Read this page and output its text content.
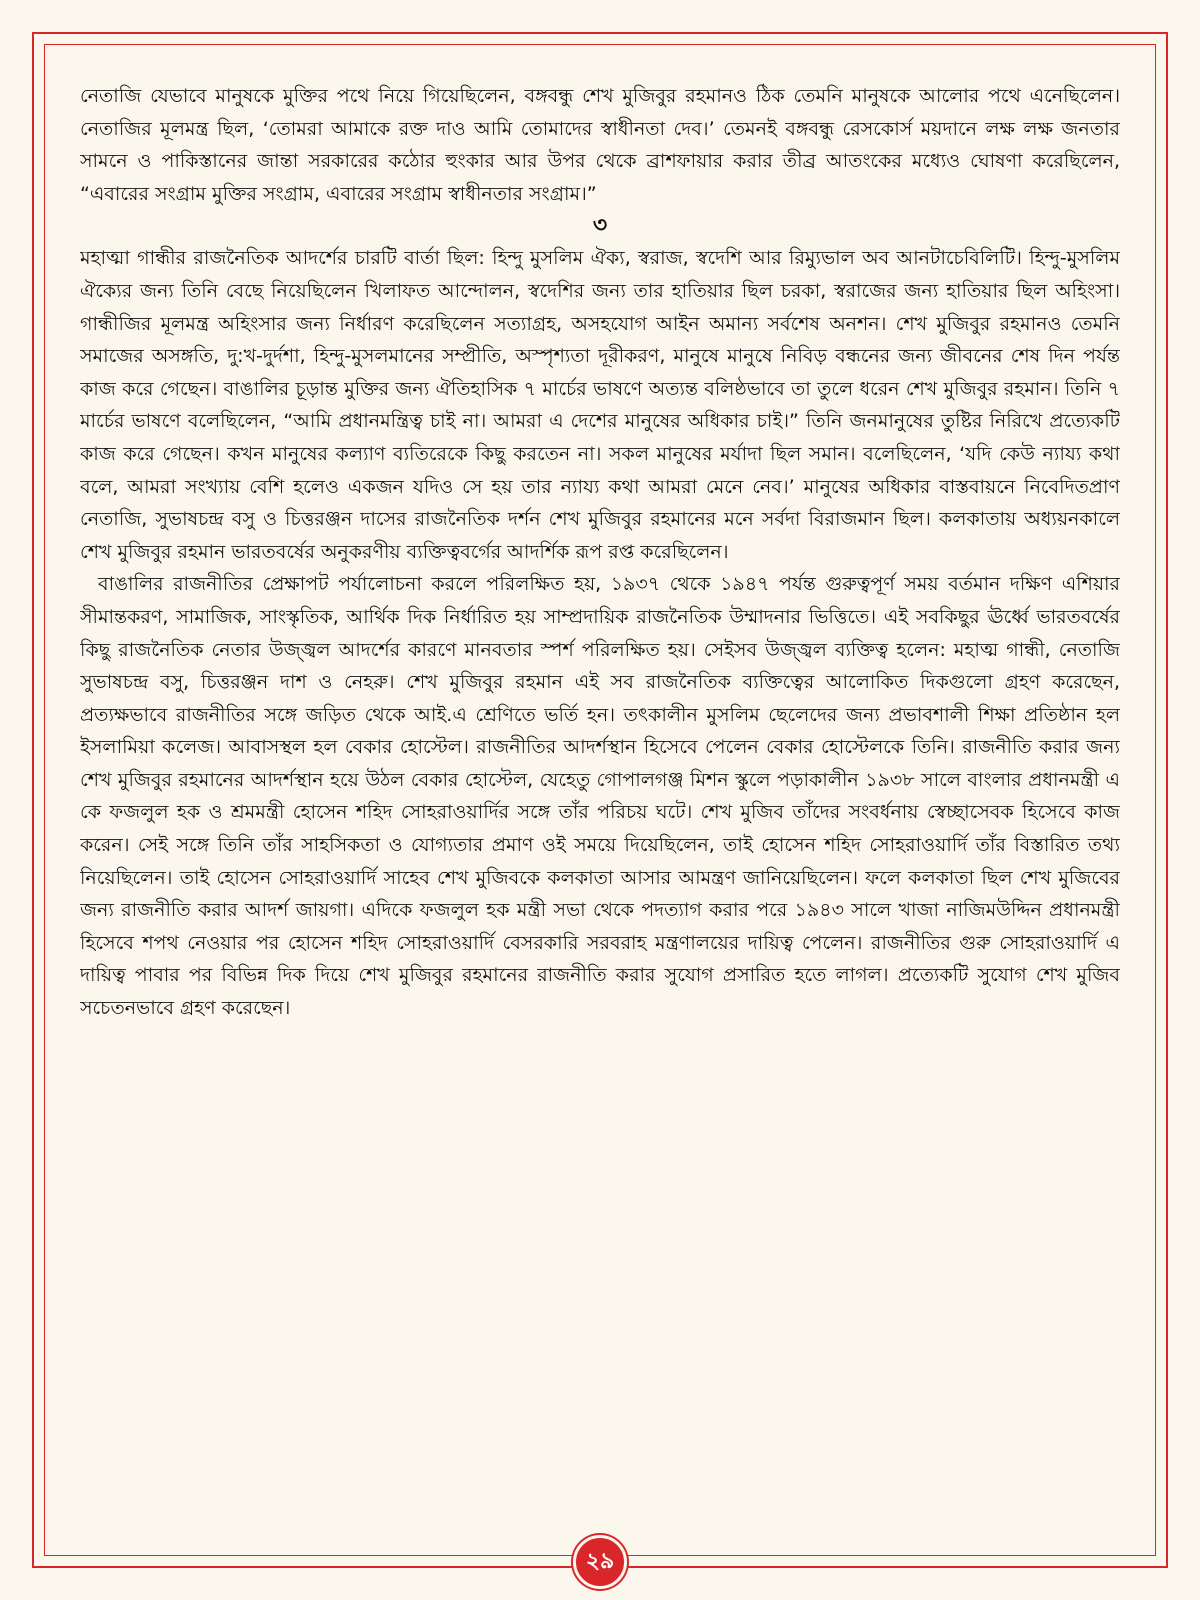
নেতাজি যেভাবে মানুষকে মুক্তির পথে নিয়ে গিয়েছিলেন, বঙ্গবন্ধু শেখ মুজিবুর রহমানও ঠিক তেমনি মানুষকে আলোর পথে এনেছিলেন। নেতাজির মূলমন্ত্র ছিল, ‘তোমরা আমাকে রক্ত দাও আমি তোমাদের স্বাধীনতা দেব।’ তেমনই বঙ্গবন্ধু রেসকোর্স ময়দানে লক্ষ লক্ষ জনতার সামনে ও পাকিস্তানের জান্তা সরকারের কঠোর হুংকার আর উপর থেকে ব্রাশফায়ার করার তীব্র আতংকের মধ্যেও ঘোষণা করেছিলেন, “এবারের সংগ্রাম মুক্তির সংগ্রাম, এবারের সংগ্রাম স্বাধীনতার সংগ্রাম।”

৩

মহাত্মা গান্ধীর রাজনৈতিক আদর্শের চারটি বার্তা ছিল: হিন্দু মুসলিম ঐক্য, স্বরাজ, স্বদেশি আর রিম্যুভাল অব আনটাচেবিলিটি। হিন্দু-মুসলিম ঐক্যের জন্য তিনি বেছে নিয়েছিলেন খিলাফত আন্দোলন, স্বদেশির জন্য তার হাতিয়ার ছিল চরকা, স্বরাজের জন্য হাতিয়ার ছিল অহিংসা। গান্ধীজির মূলমন্ত্র অহিংসার জন্য নির্ধারণ করেছিলেন সত্যাগ্রহ, অসহযোগ আইন অমান্য সর্বশেষ অনশন। শেখ মুজিবুর রহমানও তেমনি সমাজের অসঙ্গতি, দু:খ-দুর্দশা, হিন্দু-মুসলমানের সম্প্রীতি, অস্পৃশ্যতা দূরীকরণ, মানুষে মানুষে নিবিড় বন্ধনের জন্য জীবনের শেষ দিন পর্যন্ত কাজ করে গেছেন। বাঙালির চূড়ান্ত মুক্তির জন্য ঐতিহাসিক ৭ মার্চের ভাষণে অত্যন্ত বলিষ্ঠভাবে তা তুলে ধরেন শেখ মুজিবুর রহমান। তিনি ৭ মার্চের ভাষণে বলেছিলেন, “আমি প্রধানমন্ত্রিত্ব চাই না। আমরা এ দেশের মানুষের অধিকার চাই।” তিনি জনমানুষের তুষ্টির নিরিখে প্রত্যেকটি কাজ করে গেছেন। কখন মানুষের কল্যাণ ব্যতিরেকে কিছু করতেন না। সকল মানুষের মর্যাদা ছিল সমান। বলেছিলেন, ‘যদি কেউ ন্যায্য কথা বলে, আমরা সংখ্যায় বেশি হলেও একজন যদিও সে হয় তার ন্যায্য কথা আমরা মেনে নেব।’ মানুষের অধিকার বাস্তবায়নে নিবেদিতপ্রাণ নেতাজি, সুভাষচন্দ্র বসু ও চিত্তরঞ্জন দাসের রাজনৈতিক দর্শন শেখ মুজিবুর রহমানের মনে সর্বদা বিরাজমান ছিল। কলকাতায় অধ্যয়নকালে শেখ মুজিবুর রহমান ভারতবর্ষের অনুকরণীয় ব্যক্তিত্ববর্গের আদর্শিক রূপ রপ্ত করেছিলেন।

বাঙালির রাজনীতির প্রেক্ষাপট পর্যালোচনা করলে পরিলক্ষিত হয়, ১৯৩৭ থেকে ১৯৪৭ পর্যন্ত গুরুত্বপূর্ণ সময় বর্তমান দক্ষিণ এশিয়ার সীমান্তকরণ, সামাজিক, সাংস্কৃতিক, আর্থিক দিক নির্ধারিত হয় সাম্প্রদায়িক রাজনৈতিক উম্মাদনার ভিত্তিতে। এই সবকিছুর ঊর্ধ্বে ভারতবর্ষের কিছু রাজনৈতিক নেতার উজ্জ্বল আদর্শের কারণে মানবতার স্পর্শ পরিলক্ষিত হয়। সেইসব উজ্জ্বল ব্যক্তিত্ব হলেন: মহাত্ম গান্ধী, নেতাজি সুভাষচন্দ্র বসু, চিত্তরঞ্জন দাশ ও নেহরু। শেখ মুজিবুর রহমান এই সব রাজনৈতিক ব্যক্তিত্বের আলোকিত দিকগুলো গ্রহণ করেছেন, প্রত্যক্ষভাবে রাজনীতির সঙ্গে জড়িত থেকে আই.এ শ্রেণিতে ভর্তি হন। তৎকালীন মুসলিম ছেলেদের জন্য প্রভাবশালী শিক্ষা প্রতিষ্ঠান হল ইসলামিয়া কলেজ। আবাসস্থল হল বেকার হোস্টেল। রাজনীতির আদর্শস্থান হিসেবে পেলেন বেকার হোস্টেলকে তিনি। রাজনীতি করার জন্য শেখ মুজিবুর রহমানের আদর্শস্থান হয়ে উঠল বেকার হোস্টেল, যেহেতু গোপালগঞ্জ মিশন স্কুলে পড়াকালীন ১৯৩৮ সালে বাংলার প্রধানমন্ত্রী এ কে ফজলুল হক ও শ্রমমন্ত্রী হোসেন শহিদ সোহরাওয়ার্দির সঙ্গে তাঁর পরিচয় ঘটে। শেখ মুজিব তাঁদের সংবর্ধনায় স্বেচ্ছাসেবক হিসেবে কাজ করেন। সেই সঙ্গে তিনি তাঁর সাহসিকতা ও যোগ্যতার প্রমাণ ওই সময়ে দিয়েছিলেন, তাই হোসেন শহিদ সোহরাওয়ার্দি তাঁর বিস্তারিত তথ্য নিয়েছিলেন। তাই হোসেন সোহরাওয়ার্দি সাহেব শেখ মুজিবকে কলকাতা আসার আমন্ত্রণ জানিয়েছিলেন। ফলে কলকাতা ছিল শেখ মুজিবের জন্য রাজনীতি করার আদর্শ জায়গা। এদিকে ফজলুল হক মন্ত্রী সভা থেকে পদত্যাগ করার পরে ১৯৪৩ সালে খাজা নাজিমউদ্দিন প্রধানমন্ত্রী হিসেবে শপথ নেওয়ার পর হোসেন শহিদ সোহরাওয়ার্দি বেসরকারি সরবরাহ মন্ত্রণালয়ের দায়িত্ব পেলেন। রাজনীতির গুরু সোহরাওয়ার্দি এ দায়িত্ব পাবার পর বিভিন্ন দিক দিয়ে শেখ মুজিবুর রহমানের রাজনীতি করার সুযোগ প্রসারিত হতে লাগল। প্রত্যেকটি সুযোগ শেখ মুজিব সচেতনভাবে গ্রহণ করেছেন।

২৯
